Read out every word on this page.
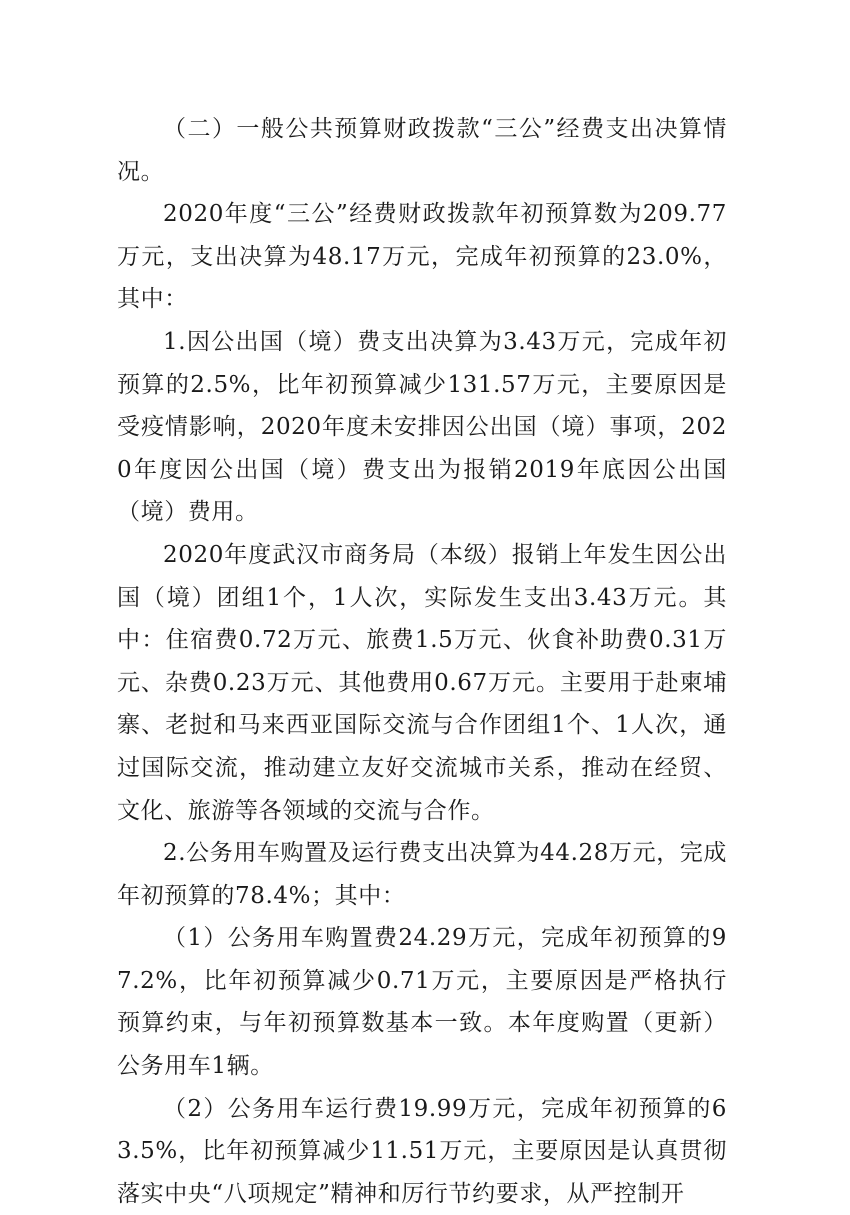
（二）一般公共预算财政拨款“三公”经费支出决算情况。

2020年度“三公”经费财政拨款年初预算数为209.77万元，支出决算为48.17万元，完成年初预算的23.0%，其中：

1.因公出国（境）费支出决算为3.43万元，完成年初预算的2.5%，比年初预算减少131.57万元，主要原因是受疫情影响，2020年度未安排因公出国（境）事项，2020年度因公出国（境）费支出为报销2019年底因公出国（境）费用。

2020年度武汉市商务局（本级）报销上年发生因公出国（境）团组1个，1人次，实际发生支出3.43万元。其中：住宿费0.72万元、旅费1.5万元、伙食补助费0.31万元、杂费0.23万元、其他费用0.67万元。主要用于赴柬埔寨、老挝和马来西亚国际交流与合作团组1个、1人次，通过国际交流，推动建立友好交流城市关系，推动在经贸、文化、旅游等各领域的交流与合作。

2.公务用车购置及运行费支出决算为44.28万元，完成年初预算的78.4%；其中：

（1）公务用车购置费24.29万元，完成年初预算的97.2%，比年初预算减少0.71万元，主要原因是严格执行预算约束，与年初预算数基本一致。本年度购置（更新）公务用车1辆。

（2）公务用车运行费19.99万元，完成年初预算的63.5%，比年初预算减少11.51万元，主要原因是认真贯彻落实中央“八项规定”精神和厉行节约要求，从严控制开
